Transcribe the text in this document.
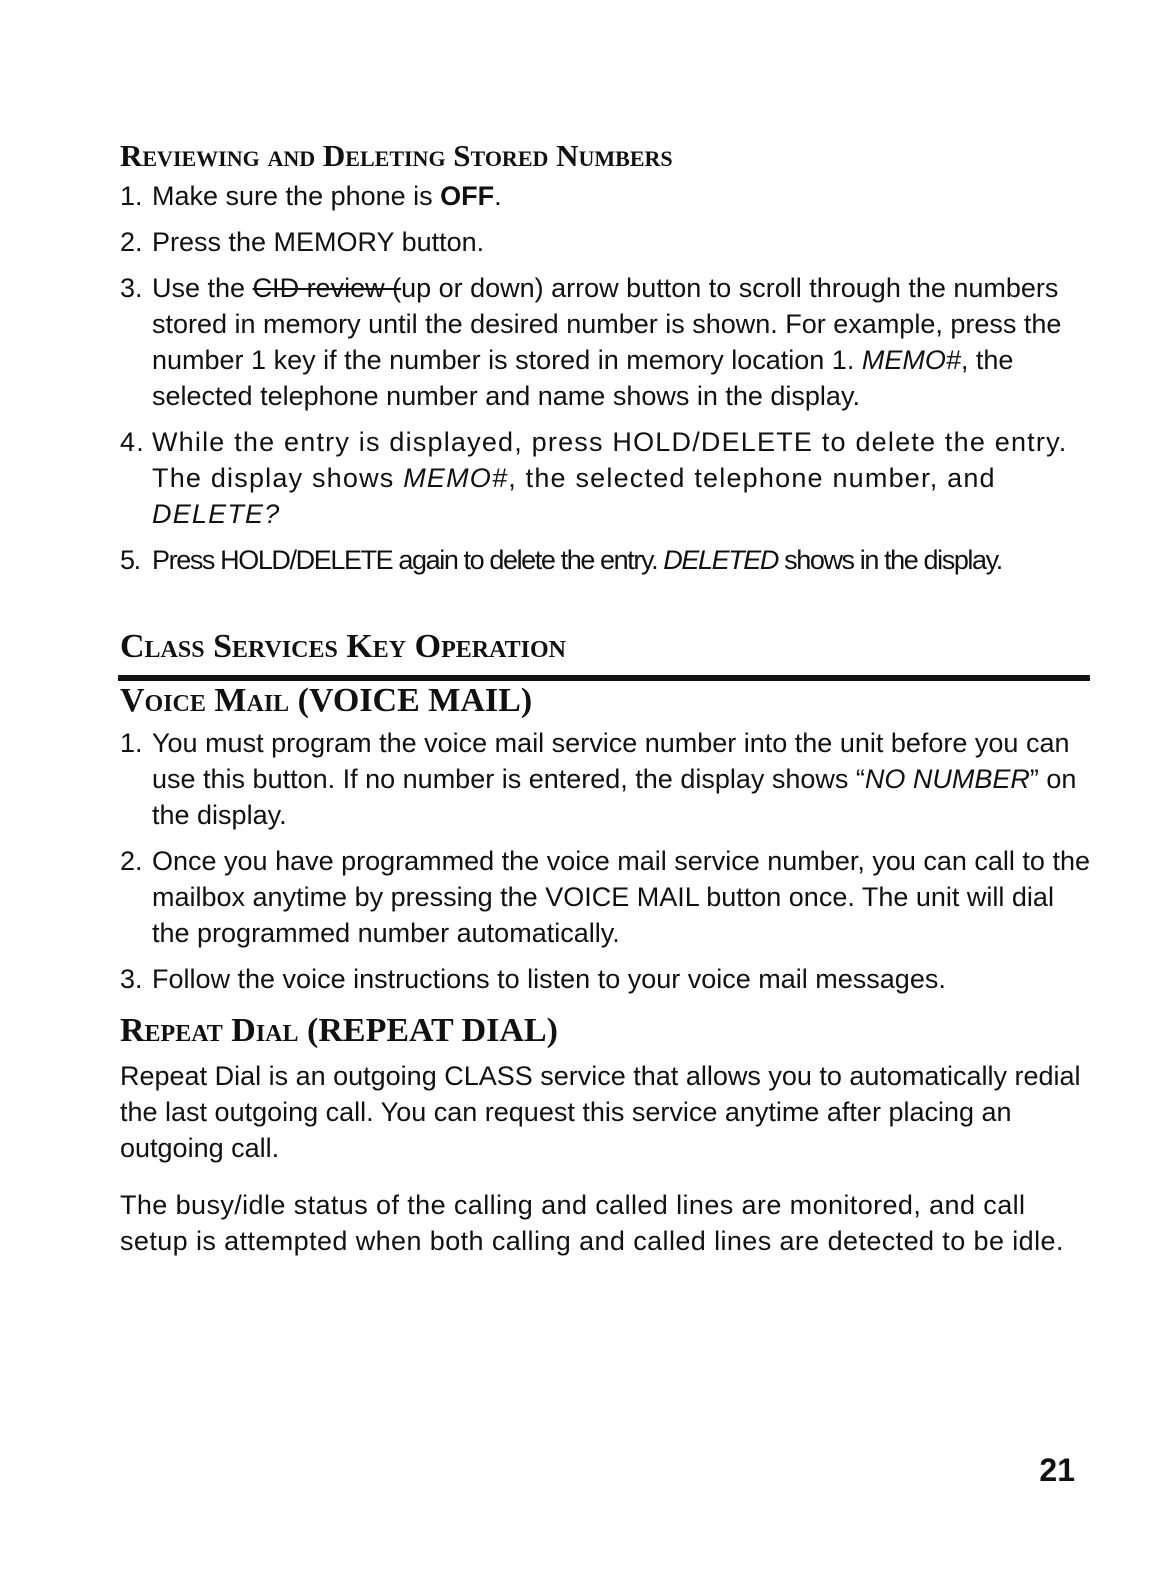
Reviewing and Deleting Stored Numbers
1. Make sure the phone is OFF.
2. Press the MEMORY button.
3. Use the CID review (up or down) arrow button to scroll through the numbers stored in memory until the desired number is shown. For example, press the number 1 key if the number is stored in memory location 1. MEMO#, the selected telephone number and name shows in the display.
4. While the entry is displayed, press HOLD/DELETE to delete the entry. The display shows MEMO#, the selected telephone number, and DELETE?
5. Press HOLD/DELETE again to delete the entry. DELETED shows in the display.
Class Services Key Operation
Voice Mail (VOICE MAIL)
1. You must program the voice mail service number into the unit before you can use this button. If no number is entered, the display shows “NO NUMBER” on the display.
2. Once you have programmed the voice mail service number, you can call to the mailbox anytime by pressing the VOICE MAIL button once. The unit will dial the programmed number automatically.
3. Follow the voice instructions to listen to your voice mail messages.
Repeat Dial (REPEAT DIAL)

Repeat Dial is an outgoing CLASS service that allows you to automatically redial the last outgoing call. You can request this service anytime after placing an outgoing call.

The busy/idle status of the calling and called lines are monitored, and call setup is attempted when both calling and called lines are detected to be idle.

21
